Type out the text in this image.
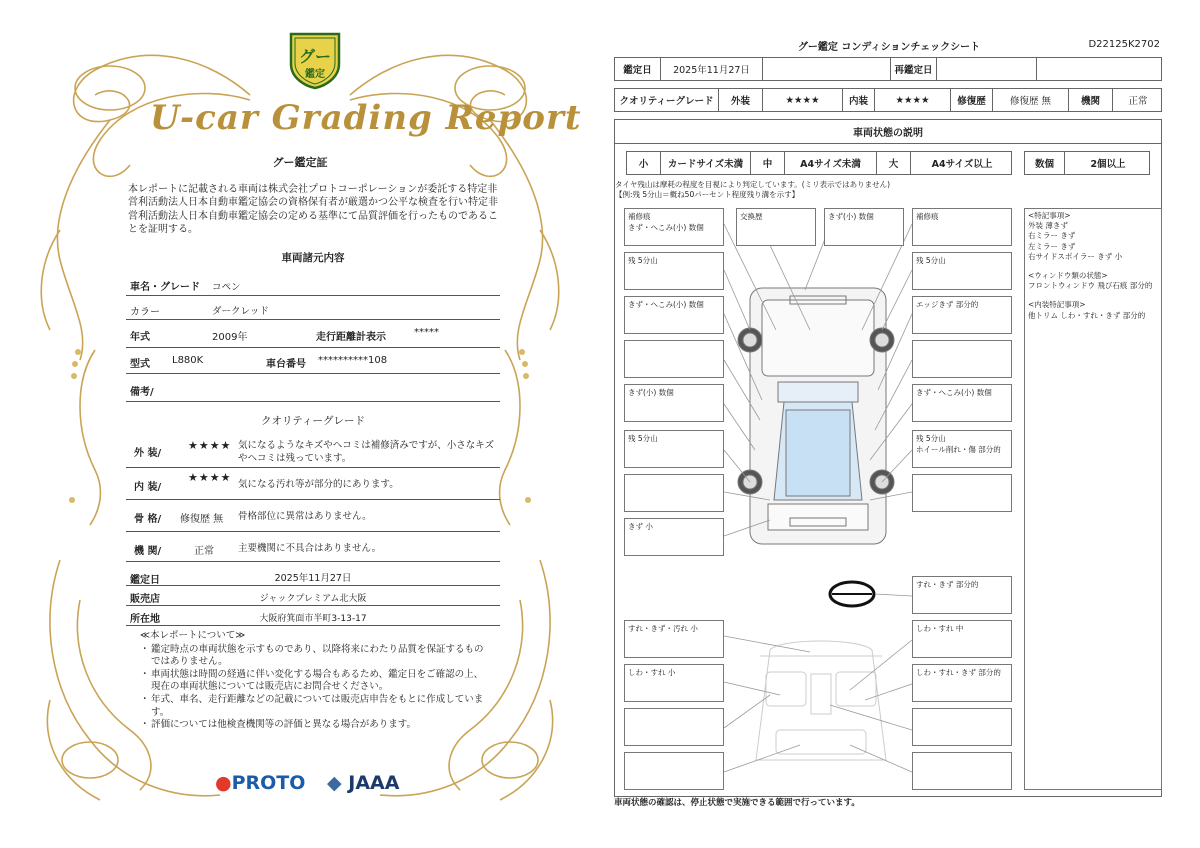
グー
鑑定
U-car Grading Report
グー鑑定証
本レポートに記載される車両は株式会社プロトコーポレーションが委託する特定非営利活動法人日本自動車鑑定協会の資格保有者が厳選かつ公平な検査を行い特定非営利活動法人日本自動車鑑定協会の定める基準にて品質評価を行ったものであることを証明する。
車両諸元内容
車名・グレード コペン
カラー	ダークレッド
年式	2009年	走行距離計表示	*****
型式 L880K	車台番号 **********108
備考/
クオリティーグレード
外 装/
★★★★ 気になるようなキズやヘコミは補修済みですが、小さなキズやヘコミは残っています。
内 装/
★★★★
気になる汚れ等が部分的にあります。
骨 格/ 修復歴 無 骨格部位に異常はありません。
機 関/	正常	主要機関に不具合はありません。
鑑定日	2025年11月27日
販売店	ジャックプレミアム北大阪
所在地	大阪府箕面市半町3-13-17
≪本レポートについて≫
・ 鑑定時点の車両状態を示すものであり、以降将来にわたり品質を保証するものではありません。
・ 車両状態は時間の経過に伴い変化する場合もあるため、鑑定日をご確認の上、現在の車両状態については販売店にお問合せください。
・ 年式、車名、走行距離などの記載については販売店申告をもとに作成しています。
・ 評価については他検査機関等の評価と異なる場合があります。
●PROTO ◆ JAAA
グー鑑定 コンディションチェックシート	D22125K2702
鑑定日	2025年11月27日	再鑑定日
クオリティーグレード	外装	★★★★	内装	★★★★	修復歴	修復歴 無	機関	正常
車両状態の説明
小	カードサイズ未満	中	A4サイズ未満	大	A4サイズ以上	数個	2個以上
タイヤ残山は摩耗の程度を目視により判定しています。(ミリ表示ではありません)
【例:残 5分山＝概ね50パーセント程度残り溝を示す】
補修痕
きず・へこみ(小) 数個
交換歴	きず(小) 数個	補修痕
残 5分山	残 5分山
きず・へこみ(小) 数個	エッジきず 部分的
きず(小) 数個	きず・へこみ(小) 数個
残 5分山	残 5分山
ホイール削れ・傷 部分的
きず 小
すれ・きず 部分的
すれ・きず・汚れ 小	しわ・すれ 中
しわ・すれ 小	しわ・すれ・きず 部分的
<特記事項>
外装 薄きず
右ミラー きず
左ミラー きず
右サイドスポイラー きず 小
<ウィンドウ類の状態>
フロントウィンドウ 飛び石痕 部分的
<内装特記事項>
他トリム しわ・すれ・きず 部分的
車両状態の確認は、停止状態で実施できる範囲で行っています。
